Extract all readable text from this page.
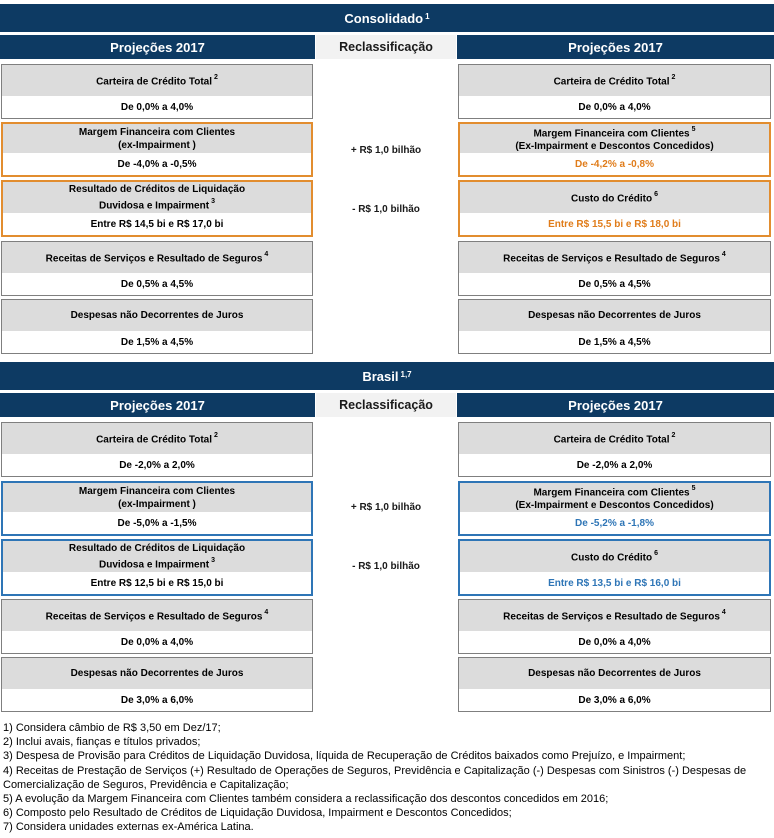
Consolidado $^1$
Projeções 2017	Reclassificação	Projeções 2017
Carteira de Crédito Total $^2$
De 0,0% a 4,0%
Carteira de Crédito Total $^2$
De 0,0% a 4,0%
Margem Financeira com Clientes
(ex-Impairment )
De -4,0% a -0,5%
+ R$ 1,0 bilhão
Margem Financeira com Clientes $^5$
(Ex-Impairment e Descontos Concedidos)
De -4,2% a -0,8%
Resultado de Créditos de Liquidação
Duvidosa e Impairment $^3$
Entre R$ 14,5 bi e R$ 17,0 bi
- R$ 1,0 bilhão
Custo do Crédito $^6$
Entre R$ 15,5 bi e R$ 18,0 bi
Receitas de Serviços e Resultado de Seguros $^4$
De 0,5% a 4,5%
Receitas de Serviços e Resultado de Seguros $^4$
De 0,5% a 4,5%
Despesas não Decorrentes de Juros
De 1,5% a 4,5%
Despesas não Decorrentes de Juros
De 1,5% a 4,5%
Brasil $^{1,7}$
Projeções 2017	Reclassificação	Projeções 2017
Carteira de Crédito Total $^2$
De -2,0% a 2,0%
Carteira de Crédito Total $^2$
De -2,0% a 2,0%
Margem Financeira com Clientes
(ex-Impairment )
De -5,0% a -1,5%
+ R$ 1,0 bilhão
Margem Financeira com Clientes $^5$
(Ex-Impairment e Descontos Concedidos)
De -5,2% a -1,8%
Resultado de Créditos de Liquidação
Duvidosa e Impairment $^3$
Entre R$ 12,5 bi e R$ 15,0 bi
- R$ 1,0 bilhão
Custo do Crédito $^6$
Entre R$ 13,5 bi e R$ 16,0 bi
Receitas de Serviços e Resultado de Seguros $^4$
De 0,0% a 4,0%
Receitas de Serviços e Resultado de Seguros $^4$
De 0,0% a 4,0%
Despesas não Decorrentes de Juros
De 3,0% a 6,0%
Despesas não Decorrentes de Juros
De 3,0% a 6,0%

1) Considera câmbio de R$ 3,50 em Dez/17;

2) Inclui avais, fianças e títulos privados;

3) Despesa de Provisão para Créditos de Liquidação Duvidosa, líquida de Recuperação de Créditos baixados como Prejuízo, e Impairment;

4) Receitas de Prestação de Serviços (+) Resultado de Operações de Seguros, Previdência e Capitalização (-) Despesas com Sinistros (-) Despesas de Comercialização de Seguros, Previdência e Capitalização;

5) A evolução da Margem Financeira com Clientes também considera a reclassificação dos descontos concedidos em 2016;

6) Composto pelo Resultado de Créditos de Liquidação Duvidosa, Impairment e Descontos Concedidos;

7) Considera unidades externas ex-América Latina.
